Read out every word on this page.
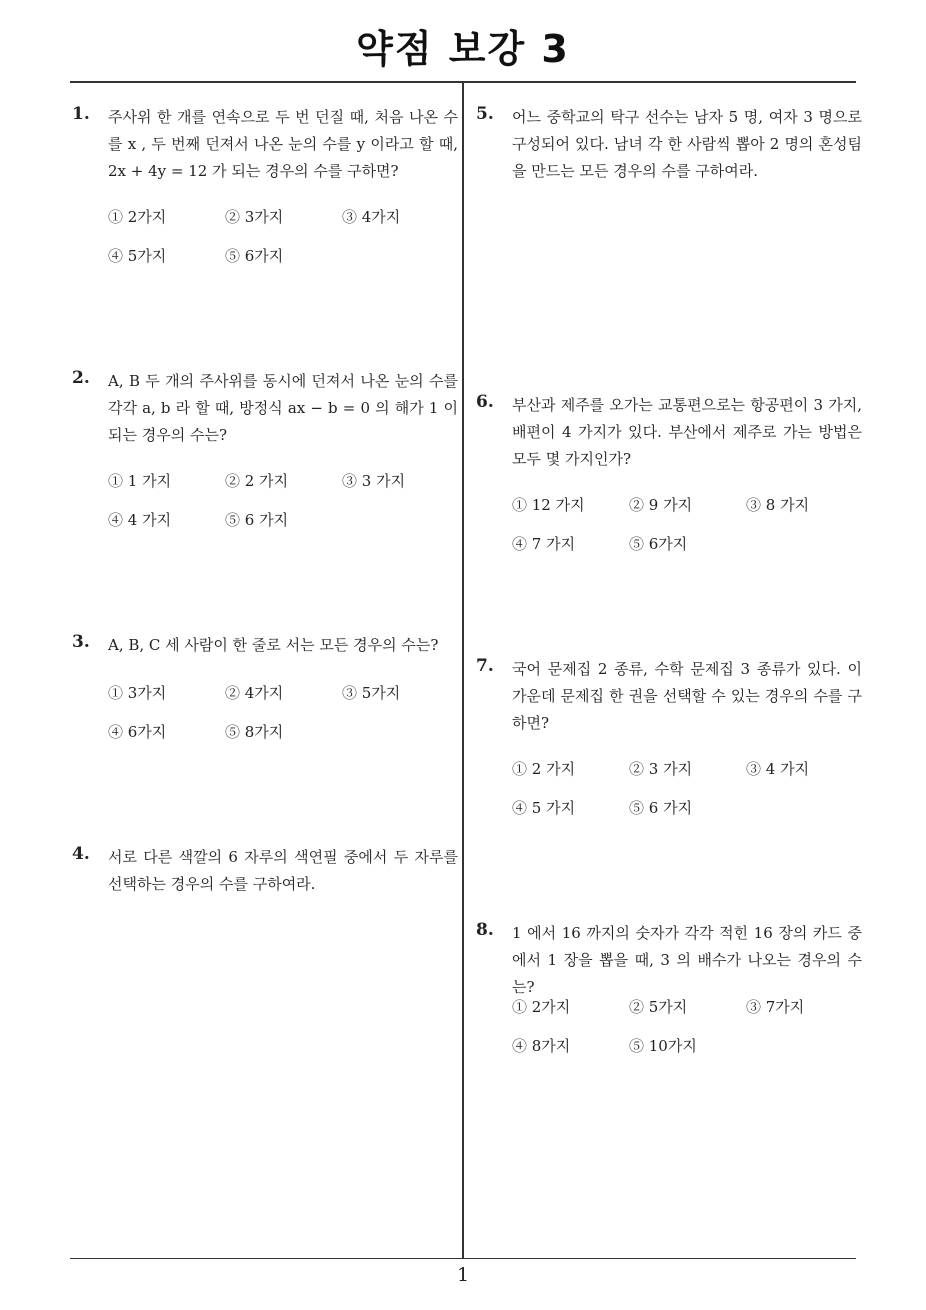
약점 보강 3
1. 주사위 한 개를 연속으로 두 번 던질 때, 처음 나온 수를 x , 두 번째 던져서 나온 눈의 수를 y 이라고 할 때, 2x + 4y = 12 가 되는 경우의 수를 구하면?
① 2가지	② 3가지	③ 4가지
④ 5가지	⑤ 6가지
2. A, B 두 개의 주사위를 동시에 던져서 나온 눈의 수를 각각 a, b 라 할 때, 방정식 ax − b = 0 의 해가 1 이 되는 경우의 수는?
① 1 가지	② 2 가지	③ 3 가지
④ 4 가지	⑤ 6 가지
3. A, B, C 세 사람이 한 줄로 서는 모든 경우의 수는?
① 3가지	② 4가지	③ 5가지
④ 6가지	⑤ 8가지
4. 서로 다른 색깔의 6 자루의 색연필 중에서 두 자루를 선택하는 경우의 수를 구하여라.
5. 어느 중학교의 탁구 선수는 남자 5 명, 여자 3 명으로 구성되어 있다. 남녀 각 한 사람씩 뽑아 2 명의 혼성팀을 만드는 모든 경우의 수를 구하여라.
6. 부산과 제주를 오가는 교통편으로는 항공편이 3 가지, 배편이 4 가지가 있다. 부산에서 제주로 가는 방법은 모두 몇 가지인가?
① 12 가지	② 9 가지	③ 8 가지
④ 7 가지	⑤ 6가지
7. 국어 문제집 2 종류, 수학 문제집 3 종류가 있다. 이 가운데 문제집 한 권을 선택할 수 있는 경우의 수를 구하면?
① 2 가지	② 3 가지	③ 4 가지
④ 5 가지	⑤ 6 가지
8. 1 에서 16 까지의 숫자가 각각 적힌 16 장의 카드 중에서 1 장을 뽑을 때, 3 의 배수가 나오는 경우의 수는?
① 2가지	② 5가지	③ 7가지
④ 8가지	⑤ 10가지
1
